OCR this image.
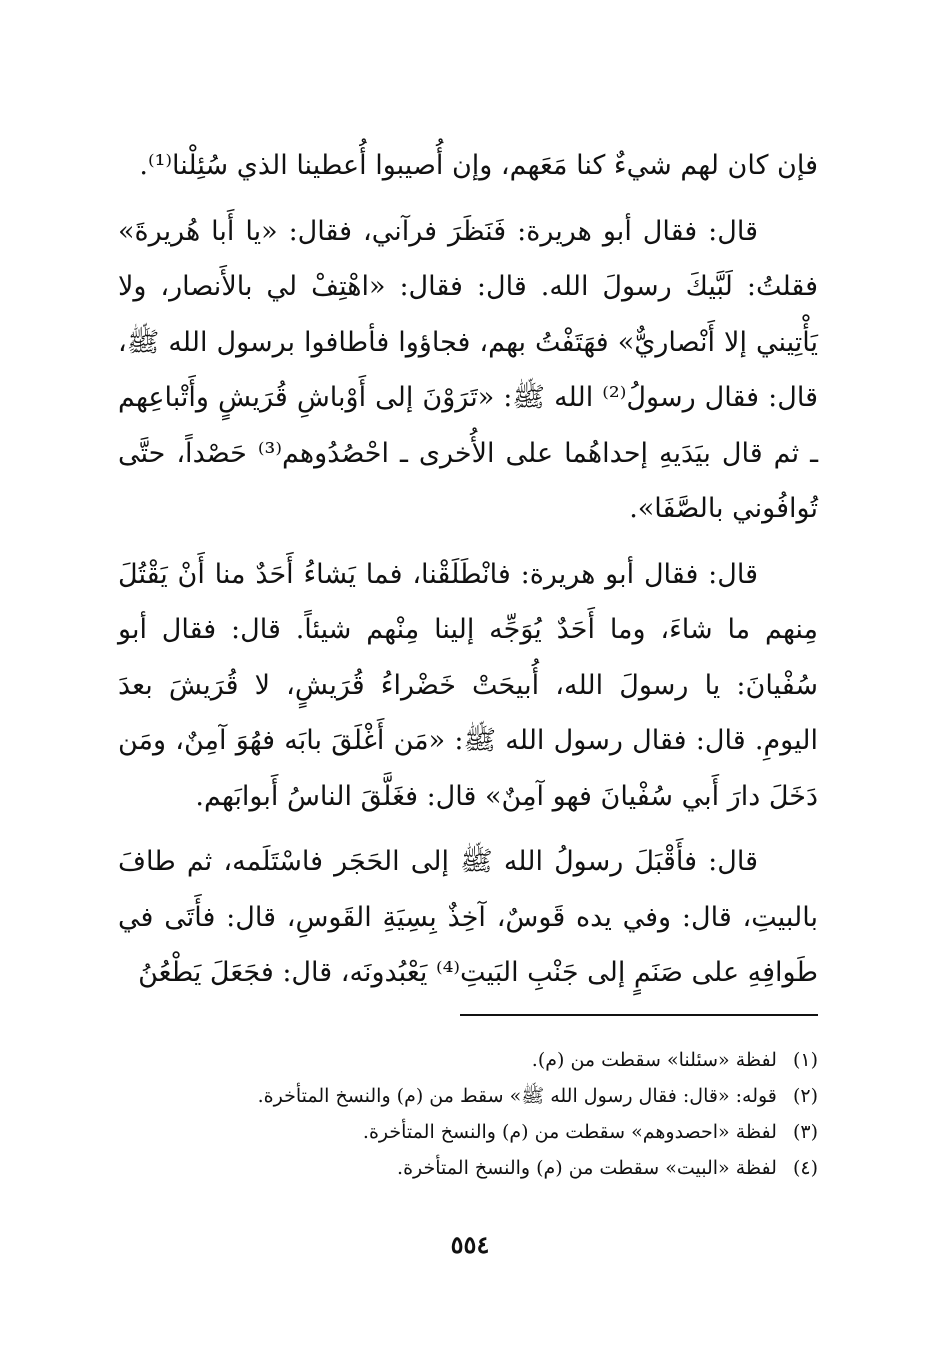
فإن كان لهم شيءٌ كنا مَعَهم، وإن أُصيبوا أُعطينا الذي سُئِلْنا⁽¹⁾.

قال: فقال أبو هريرة: فَنَظَرَ فرآني، فقال: «يا أَبا هُريرةَ» فقلتُ: لَبَّيكَ رسولَ الله. قال: فقال: «اهْتِفْ لي بالأَنصار، ولا يَأْتِيني إلا أَنْصاريٌّ» فهَتَفْتُ بهم، فجاؤوا فأطافوا برسول الله ﷺ، قال: فقال رسولُ⁽²⁾ الله ﷺ: «تَرَوْنَ إلى أَوْباشِ قُرَيشٍ وأَتْباعِهم ـ ثم قال بيَدَيهِ إحداهُما على الأُخرى ـ احْصُدُوهم⁽³⁾ حَصْداً، حتَّى تُوافُوني بالصَّفَا».

قال: فقال أبو هريرة: فانْطَلَقْنا، فما يَشاءُ أَحَدٌ منا أَنْ يَقْتُلَ مِنهم ما شاءَ، وما أَحَدٌ يُوَجِّه إلينا مِنْهم شيئاً. قال: فقال أبو سُفْيانَ: يا رسولَ الله، أُبيحَتْ خَضْراءُ قُرَيشٍ، لا قُرَيشَ بعدَ اليومِ. قال: فقال رسول الله ﷺ: «مَن أَغْلَقَ بابَه فهُوَ آمِنٌ، ومَن دَخَلَ دارَ أَبي سُفْيانَ فهو آمِنٌ» قال: فغَلَّقَ الناسُ أَبوابَهم.

قال: فأَقْبَلَ رسولُ الله ﷺ إلى الحَجَر فاسْتَلَمه، ثم طافَ بالبيتِ، قال: وفي يده قَوسٌ، آخِذٌ بِسِيَةِ القَوسِ، قال: فأَتَى في طَوافِهِ على صَنَمٍ إلى جَنْبِ البَيتِ⁽⁴⁾ يَعْبُدونَه، قال: فجَعَلَ يَطْعُنُ

(١) لفظة «سئلنا» سقطت من (م).

(٢) قوله: «قال: فقال رسول الله ﷺ» سقط من (م) والنسخ المتأخرة.

(٣) لفظة «احصدوهم» سقطت من (م) والنسخ المتأخرة.

(٤) لفظة «البيت» سقطت من (م) والنسخ المتأخرة.

٥٥٤
